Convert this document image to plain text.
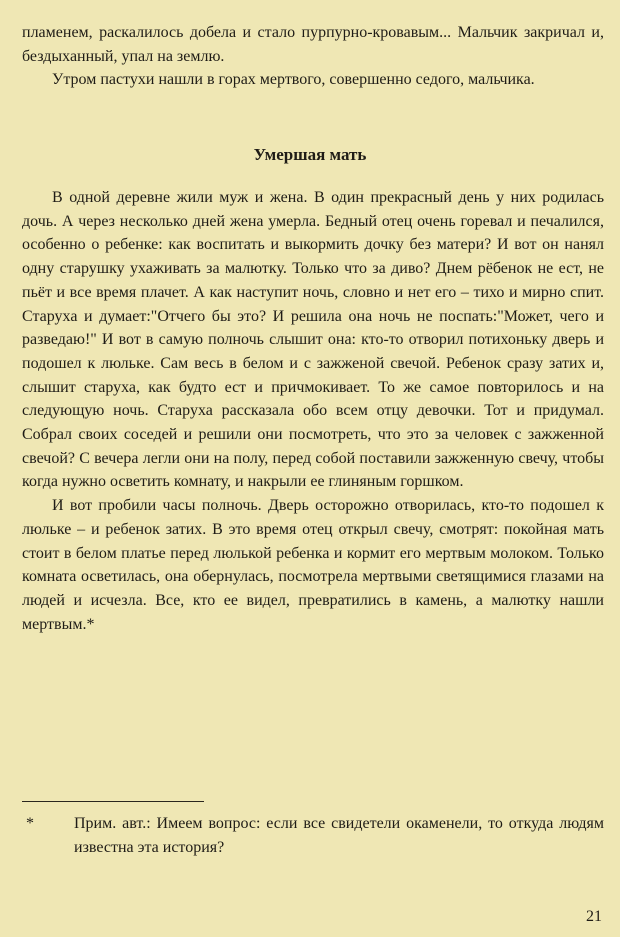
пламенем, раскалилось добела и стало пурпурно-кровавым... Мальчик закричал и, бездыханный, упал на землю.

Утром пастухи нашли в горах мертвого, совершенно седого, мальчика.

Умершая мать

В одной деревне жили муж и жена. В один прекрасный день у них родилась дочь. А через несколько дней жена умерла. Бедный отец очень горевал и печалился, особенно о ребенке: как воспитать и выкормить дочку без матери? И вот он нанял одну старушку ухаживать за малютку. Только что за диво? Днем рёбенок не ест, не пьёт и все время плачет. А как наступит ночь, словно и нет его – тихо и мирно спит. Старуха и думает:"Отчего бы это? И решила она ночь не поспать:"Может, чего и разведаю!" И вот в самую полночь слышит она: кто-то отворил потихоньку дверь и подошел к люльке. Сам весь в белом и с зажженой свечой. Ребенок сразу затих и, слышит старуха, как будто ест и причмокивает. То же самое повторилось и на следующую ночь. Старуха рассказала обо всем отцу девочки. Тот и придумал. Собрал своих соседей и решили они посмотреть, что это за человек с зажженной свечой? С вечера легли они на полу, перед собой поставили зажженную свечу, чтобы когда нужно осветить комнату, и накрыли ее глиняным горшком.

И вот пробили часы полночь. Дверь осторожно отворилась, кто-то подошел к люльке – и ребенок затих. В это время отец открыл свечу, смотрят: покойная мать стоит в белом платье перед люлькой ребенка и кормит его мертвым молоком. Только комната осветилась, она обернулась, посмотрела мертвыми светящимися глазами на людей и исчезла. Все, кто ее видел, превратились в камень, а малютку нашли мертвым.*

*	Прим. авт.: Имеем вопрос: если все свидетели окаменели, то откуда людям известна эта история?
21
